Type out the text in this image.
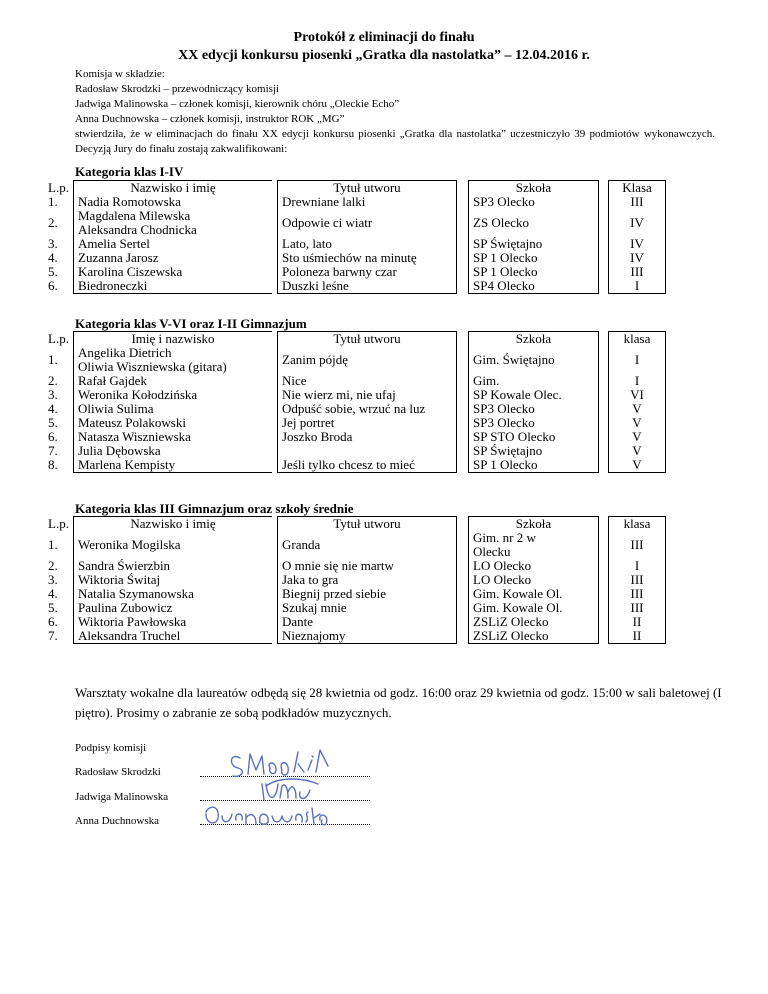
Protokół z eliminacji do finału
XX edycji konkursu piosenki „Gratka dla nastolatka” – 12.04.2016 r.

Komisja w składzie:

Radosław Skrodzki – przewodniczący komisji

Jadwiga Malinowska – członek komisji, kierownik chóru „Oleckie Echo”

Anna Duchnowska – członek komisji, instruktor ROK „MG”

stwierdziła, że w eliminacjach do finału XX edycji konkursu piosenki „Gratka dla nastolatka” uczestniczyło 39 podmiotów wykonawczych. Decyzją Jury do finału zostają zakwalifikowani:

Kategoria klas I-IV
L.p.	Nazwisko i imię		Tytuł utworu		Szkoła		Klasa
1.	Nadia Romotowska		Drewniane lalki		SP3 Olecko		III
2.	Magdalena Milewska
Aleksandra Chodnicka		Odpowie ci wiatr		ZS Olecko		IV
3.	Amelia Sertel		Lato, lato		SP Świętajno		IV
4.	Zuzanna Jarosz		Sto uśmiechów na minutę		SP 1 Olecko		IV
5.	Karolina Ciszewska		Poloneza barwny czar		SP 1 Olecko		III
6.	Biedroneczki		Duszki leśne		SP4 Olecko		I
Kategoria klas V-VI oraz I-II Gimnazjum
L.p.	Imię i nazwisko		Tytuł utworu		Szkoła		klasa
1.	Angelika Dietrich
Oliwia Wiszniewska (gitara)		Zanim pójdę		Gim. Świętajno		I
2.	Rafał Gajdek		Nice		Gim.		I
3.	Weronika Kołodzińska		Nie wierz mi, nie ufaj		SP Kowale Olec.		VI
4.	Oliwia Sulima		Odpuść sobie, wrzuć na luz		SP3 Olecko		V
5.	Mateusz Polakowski		Jej portret		SP3 Olecko		V
6.	Natasza Wiszniewska		Joszko Broda		SP STO Olecko		V
7.	Julia Dębowska				SP Świętajno		V
8.	Marlena Kempisty		Jeśli tylko chcesz to mieć		SP 1 Olecko		V
Kategoria klas III Gimnazjum oraz szkoły średnie
L.p.	Nazwisko i imię		Tytuł utworu		Szkoła		klasa
1.	Weronika Mogilska		Granda		Gim. nr 2 w
Olecku		III
2.	Sandra Świerzbin		O mnie się nie martw		LO Olecko		I
3.	Wiktoria Świtaj		Jaka to gra		LO Olecko		III
4.	Natalia Szymanowska		Biegnij przed siebie		Gim. Kowale Ol.		III
5.	Paulina Zubowicz		Szukaj mnie		Gim. Kowale Ol.		III
6.	Wiktoria Pawłowska		Dante		ZSLiZ Olecko		II
7.	Aleksandra Truchel		Nieznajomy		ZSLiZ Olecko		II
Warsztaty wokalne dla laureatów odbędą się 28 kwietnia od godz. 16:00 oraz 29 kwietnia od godz. 15:00 w sali baletowej (I piętro). Prosimy o zabranie ze sobą podkładów muzycznych.
Podpisy komisji
Radosław Skrodzki
Jadwiga Malinowska
Anna Duchnowska
